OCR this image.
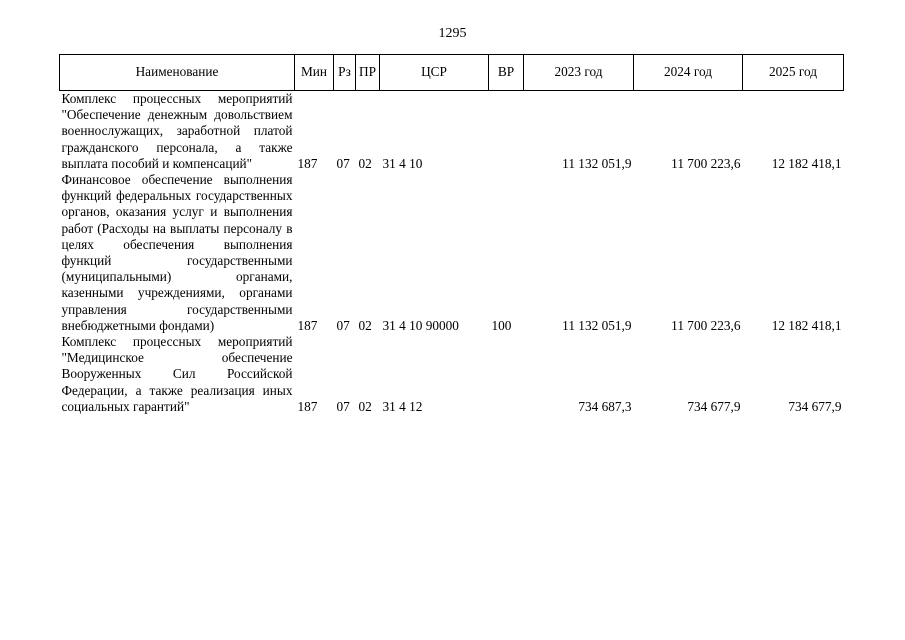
1295
Наименование	Мин	Рз	ПР	ЦСР	ВР	2023 год	2024 год	2025 год
Комплекс процессных мероприятий "Обеспечение денежным довольствием военнослужащих, заработной платой гражданского персонала, а также выплата пособий и компенсаций"	187	07	02	31 4 10		11 132 051,9	11 700 223,6	12 182 418,1
Финансовое обеспечение выполнения функций федеральных государственных органов, оказания услуг и выполнения работ (Расходы на выплаты персоналу в целях обеспечения выполнения функций государственными (муниципальными) органами, казенными учреждениями, органами управления государственными внебюджетными фондами)	187	07	02	31 4 10 90000	100	11 132 051,9	11 700 223,6	12 182 418,1
Комплекс процессных мероприятий "Медицинское обеспечение Вооруженных Сил Российской Федерации, а также реализация иных социальных гарантий"	187	07	02	31 4 12		734 687,3	734 677,9	734 677,9
